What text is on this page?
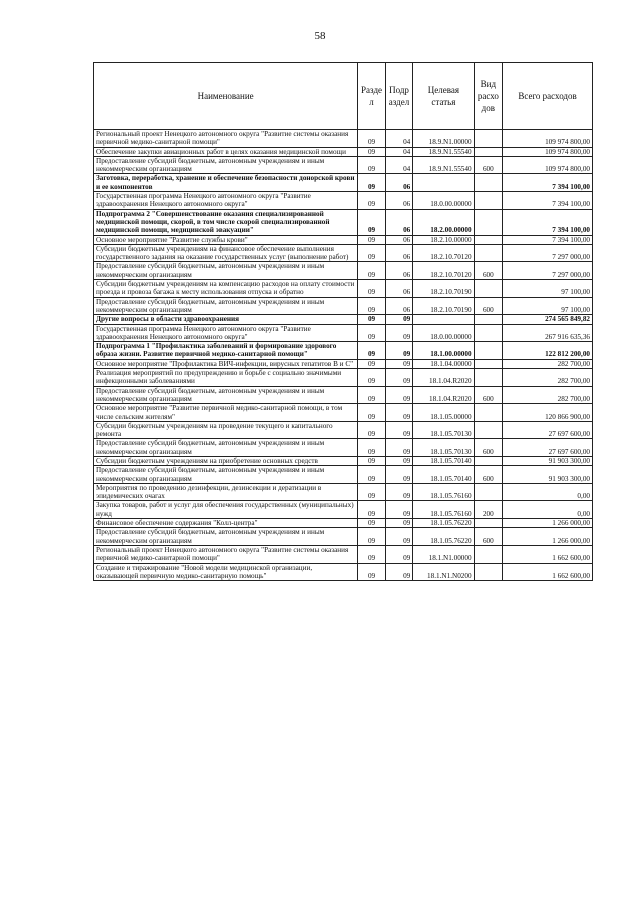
58
Наименование	Разде л	Подр аздел	Целевая статья	Вид расхо дов	Всего расходов
Региональный проект Ненецкого автономного округа "Развитие системы оказания первичной медико-санитарной помощи"	09	04	18.9.N1.00000		109 974 800,00
Обеспечение закупки авиационных работ в целях оказания медицинской помощи	09	04	18.9.N1.55540		109 974 800,00
Предоставление субсидий бюджетным, автономным учреждениям и иным некоммерческим организациям	09	04	18.9.N1.55540	600	109 974 800,00
Заготовка, переработка, хранение и обеспечение безопасности донорской крови и ее компонентов	09	06			7 394 100,00
Государственная программа Ненецкого автономного округа "Развитие здравоохранения Ненецкого автономного округа"	09	06	18.0.00.00000		7 394 100,00
Подпрограмма 2 "Совершенствование оказания специализированной медицинской помощи, скорой, в том числе скорой специализированной медицинской помощи, медицинской эвакуации"	09	06	18.2.00.00000		7 394 100,00
Основное мероприятие "Развитие службы крови"	09	06	18.2.10.00000		7 394 100,00
Субсидии бюджетным учреждениям на финансовое обеспечение выполнения государственного задания на оказание государственных услуг (выполнение работ)	09	06	18.2.10.70120		7 297 000,00
Предоставление субсидий бюджетным, автономным учреждениям и иным некоммерческим организациям	09	06	18.2.10.70120	600	7 297 000,00
Субсидии бюджетным учреждениям на компенсацию расходов на оплату стоимости проезда и провоза багажа к месту использования отпуска и обратно	09	06	18.2.10.70190		97 100,00
Предоставление субсидий бюджетным, автономным учреждениям и иным некоммерческим организациям	09	06	18.2.10.70190	600	97 100,00
Другие вопросы в области здравоохранения	09	09			274 565 849,82
Государственная программа Ненецкого автономного округа "Развитие здравоохранения Ненецкого автономного округа"	09	09	18.0.00.00000		267 916 635,36
Подпрограмма 1 "Профилактика заболеваний и формирование здорового образа жизни. Развитие первичной медико-санитарной помощи"	09	09	18.1.00.00000		122 812 200,00
Основное мероприятие "Профилактика ВИЧ-инфекции, вирусных гепатитов В и С"	09	09	18.1.04.00000		282 700,00
Реализация мероприятий по предупреждению и борьбе с социально значимыми инфекционными заболеваниями	09	09	18.1.04.R2020		282 700,00
Предоставление субсидий бюджетным, автономным учреждениям и иным некоммерческим организациям	09	09	18.1.04.R2020	600	282 700,00
Основное мероприятие "Развитие первичной медико-санитарной помощи, в том числе сельским жителям"	09	09	18.1.05.00000		120 866 900,00
Субсидии бюджетным учреждениям на проведение текущего и капитального ремонта	09	09	18.1.05.70130		27 697 600,00
Предоставление субсидий бюджетным, автономным учреждениям и иным некоммерческим организациям	09	09	18.1.05.70130	600	27 697 600,00
Субсидии бюджетным учреждениям на приобретение основных средств	09	09	18.1.05.70140		91 903 300,00
Предоставление субсидий бюджетным, автономным учреждениям и иным некоммерческим организациям	09	09	18.1.05.70140	600	91 903 300,00
Мероприятия по проведению дезинфекции, дезинсекции и дератизации в эпидемических очагах	09	09	18.1.05.76160		0,00
Закупка товаров, работ и услуг для обеспечения государственных (муниципальных) нужд	09	09	18.1.05.76160	200	0,00
Финансовое обеспечение содержания "Колл-центра"	09	09	18.1.05.76220		1 266 000,00
Предоставление субсидий бюджетным, автономным учреждениям и иным некоммерческим организациям	09	09	18.1.05.76220	600	1 266 000,00
Региональный проект Ненецкого автономного округа "Развитие системы оказания первичной медико-санитарной помощи"	09	09	18.1.N1.00000		1 662 600,00
Создание и тиражирование "Новой модели медицинской организации, оказывающей первичную медико-санитарную помощь"	09	09	18.1.N1.N0200		1 662 600,00
